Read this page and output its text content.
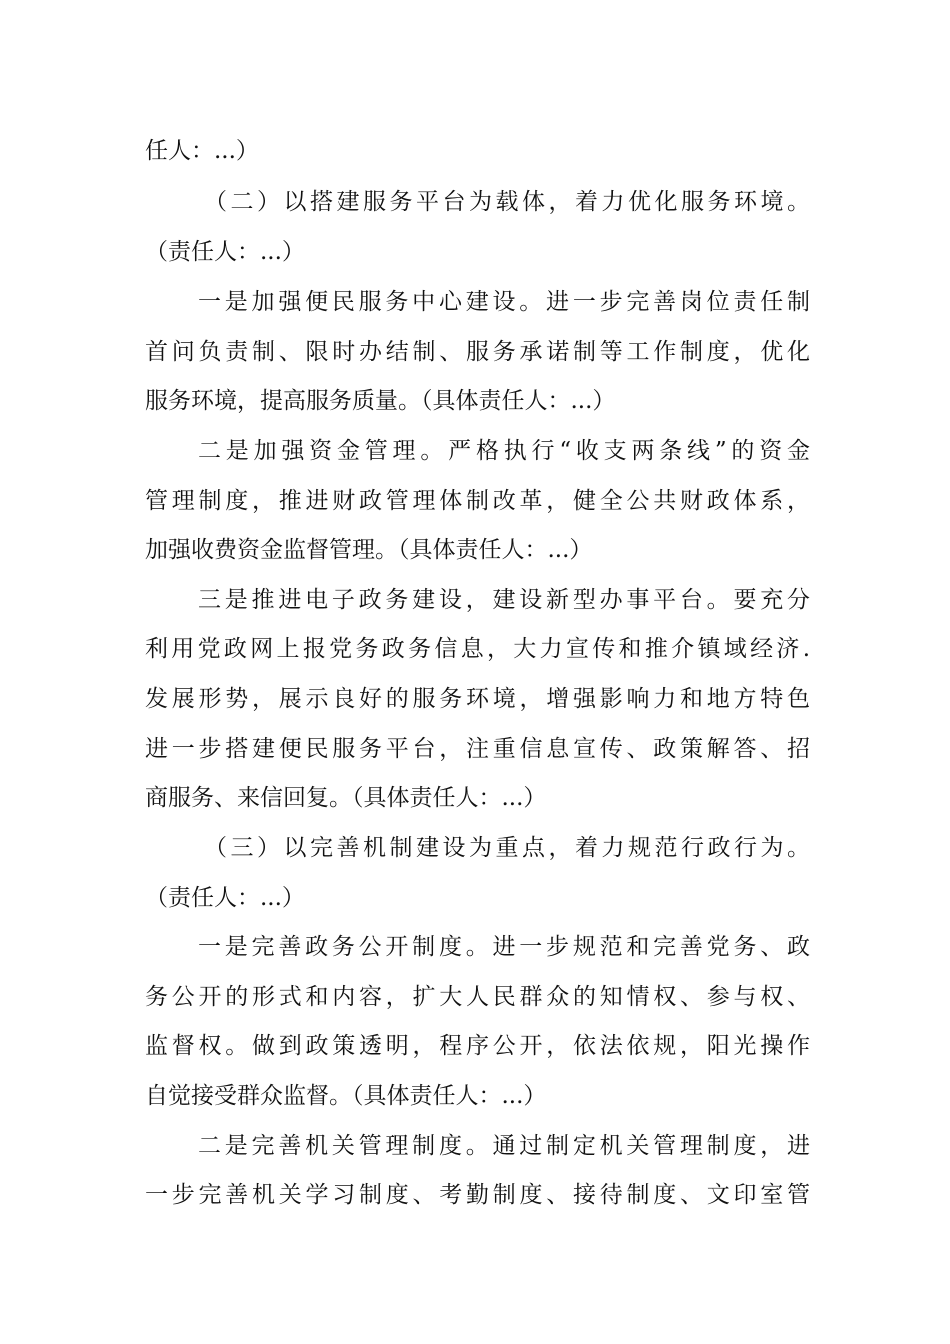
任人：...）
（二）以搭建服务平台为载体，着力优化服务环境。
（责任人：...）
一是加强便民服务中心建设。进一步完善岗位责任制
首问负责制、限时办结制、服务承诺制等工作制度，优化
服务环境，提高服务质量。（具体责任人：...）
二是加强资金管理。严格执行“收支两条线”的资金
管理制度，推进财政管理体制改革，健全公共财政体系，
加强收费资金监督管理。（具体责任人：...）
三是推进电子政务建设，建设新型办事平台。要充分
利用党政网上报党务政务信息，大力宣传和推介镇域经济.
发展形势，展示良好的服务环境，增强影响力和地方特色
进一步搭建便民服务平台，注重信息宣传、政策解答、招
商服务、来信回复。（具体责任人：...）
（三）以完善机制建设为重点，着力规范行政行为。
（责任人：...）
一是完善政务公开制度。进一步规范和完善党务、政
务公开的形式和内容，扩大人民群众的知情权、参与权、
监督权。做到政策透明，程序公开，依法依规，阳光操作
自觉接受群众监督。（具体责任人：...）
二是完善机关管理制度。通过制定机关管理制度，进
一步完善机关学习制度、考勤制度、接待制度、文印室管
